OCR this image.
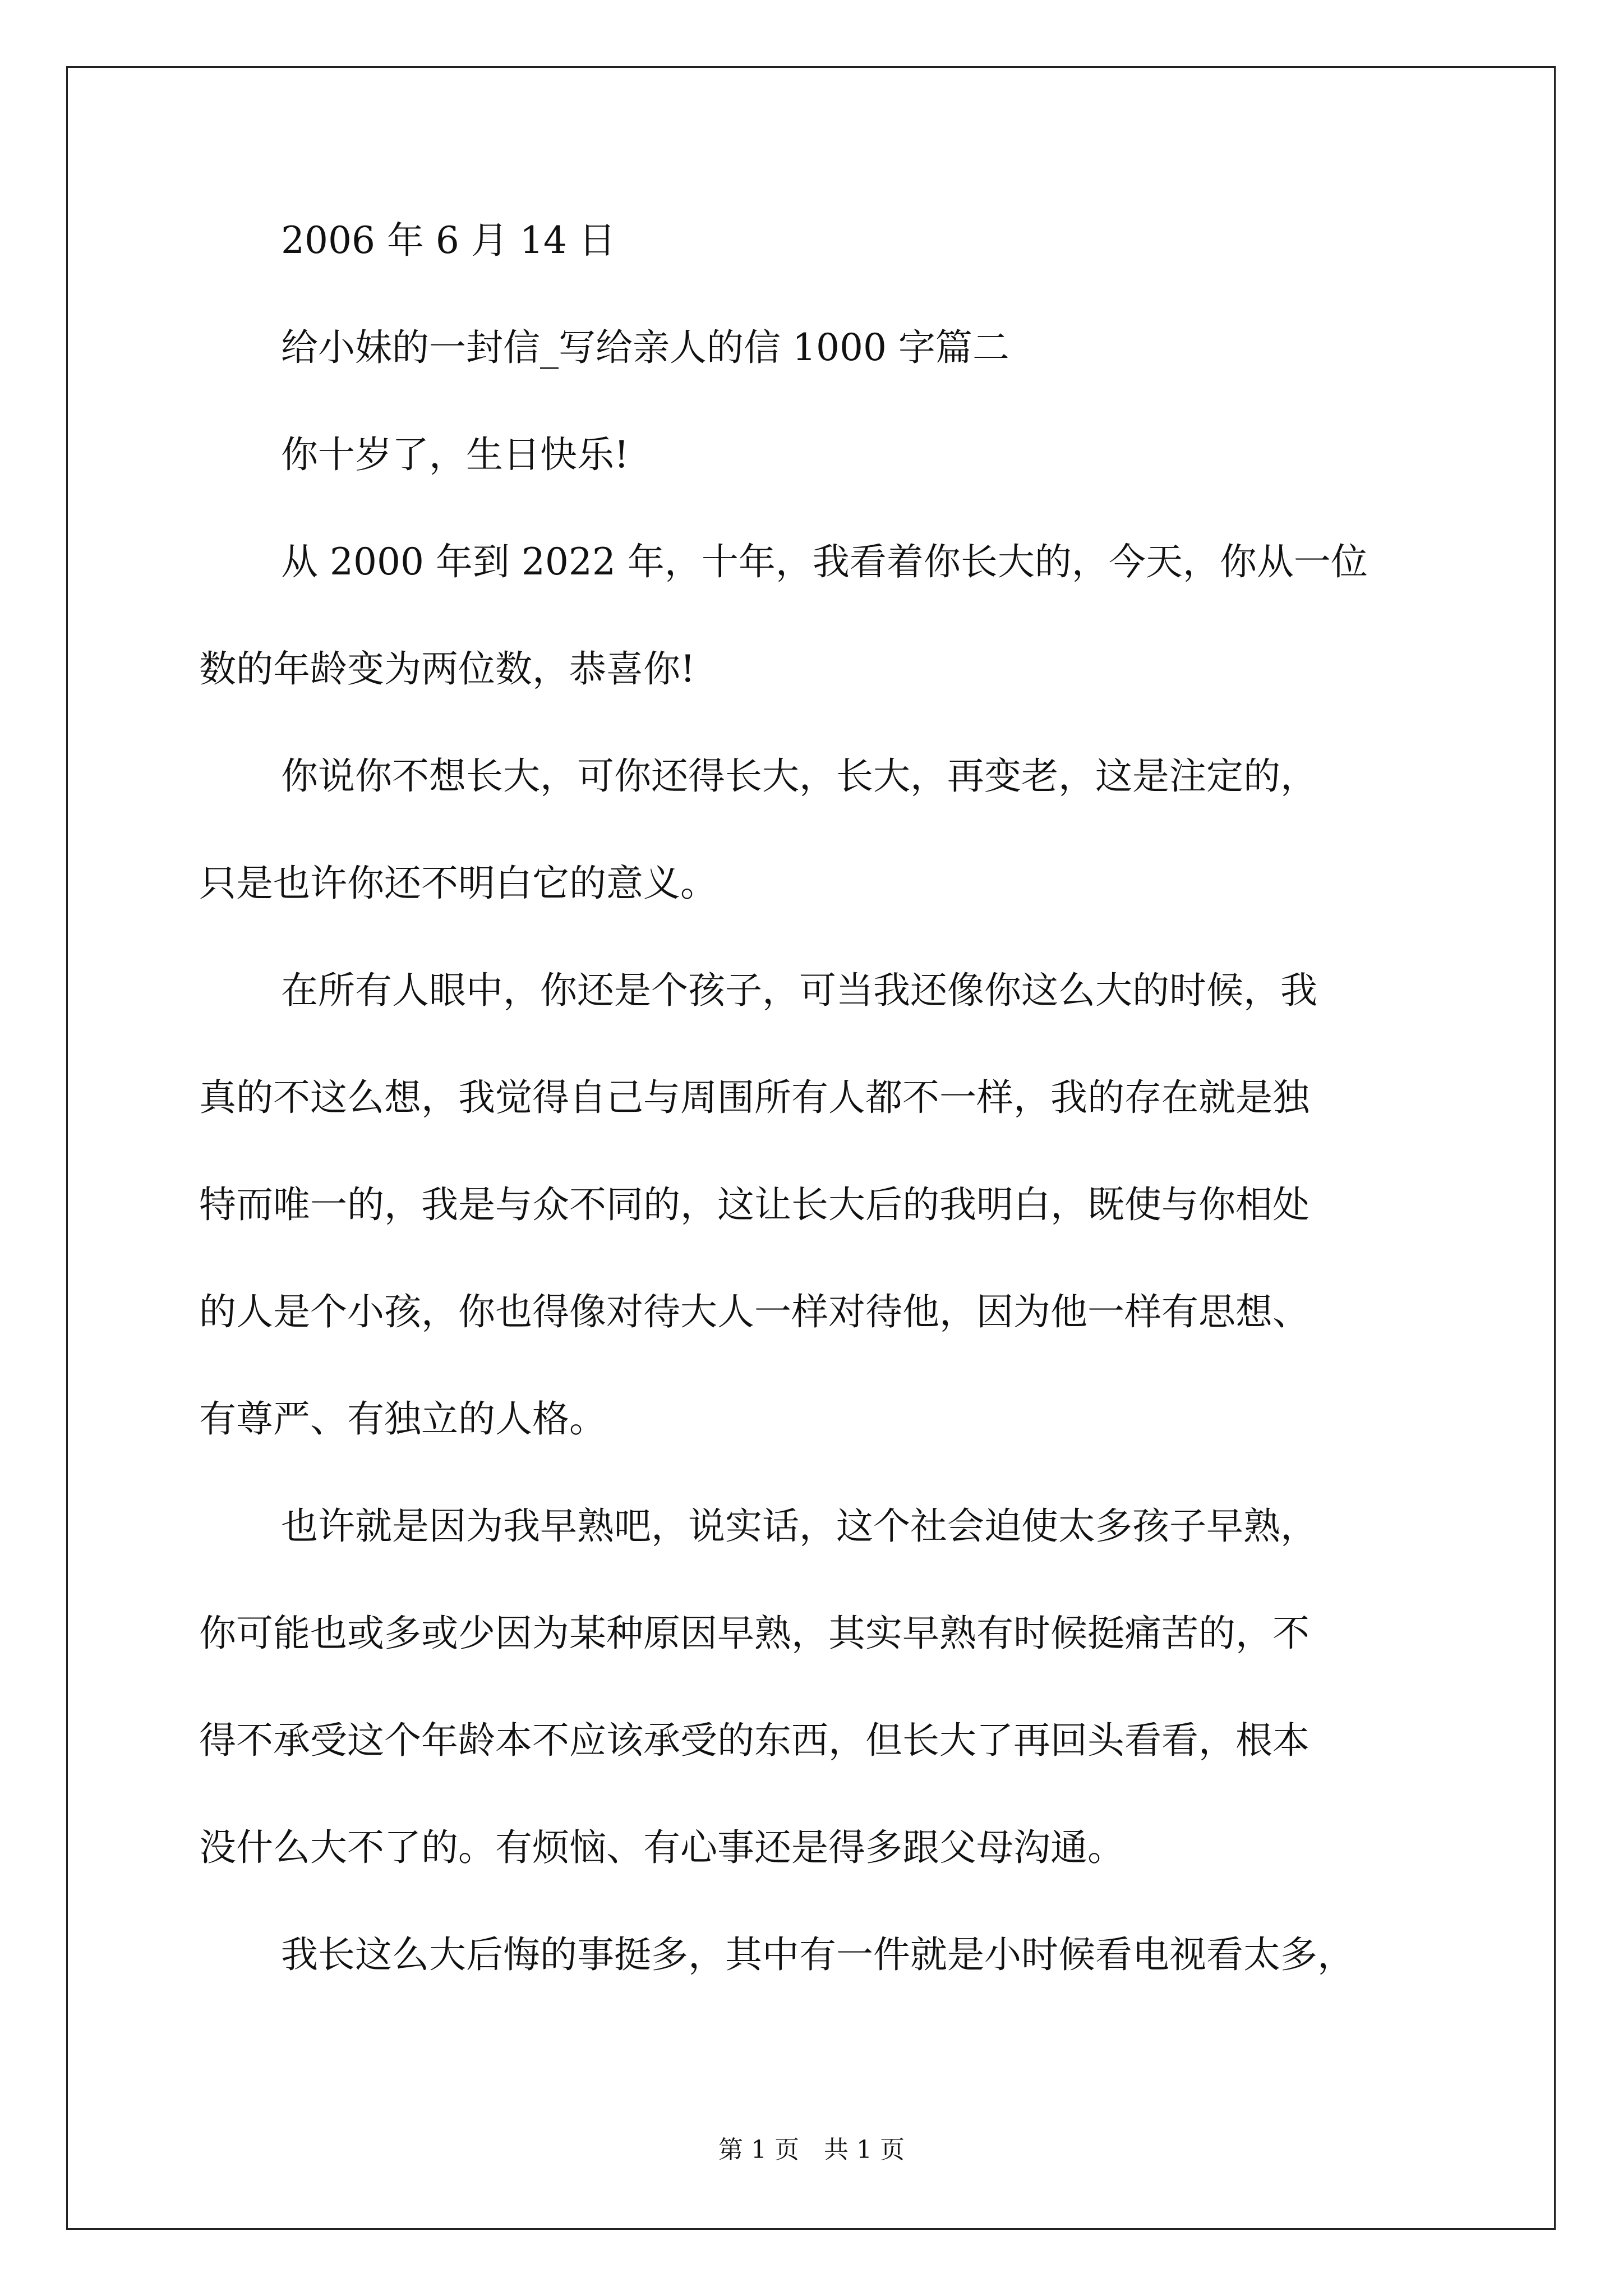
2006 年 6 月 14 日

给小妹的一封信_写给亲人的信 1000 字篇二

你十岁了，生日快乐!

从 2000 年到 2022 年，十年，我看着你长大的，今天，你从一位

数的年龄变为两位数，恭喜你!

你说你不想长大，可你还得长大，长大，再变老，这是注定的，

只是也许你还不明白它的意义。

在所有人眼中，你还是个孩子，可当我还像你这么大的时候，我

真的不这么想，我觉得自己与周围所有人都不一样，我的存在就是独

特而唯一的，我是与众不同的，这让长大后的我明白，既使与你相处

的人是个小孩，你也得像对待大人一样对待他，因为他一样有思想、

有尊严、有独立的人格。

也许就是因为我早熟吧，说实话，这个社会迫使太多孩子早熟，

你可能也或多或少因为某种原因早熟，其实早熟有时候挺痛苦的，不

得不承受这个年龄本不应该承受的东西，但长大了再回头看看，根本

没什么大不了的。有烦恼、有心事还是得多跟父母沟通。

我长这么大后悔的事挺多，其中有一件就是小时候看电视看太多，

第 1 页　共 1 页
